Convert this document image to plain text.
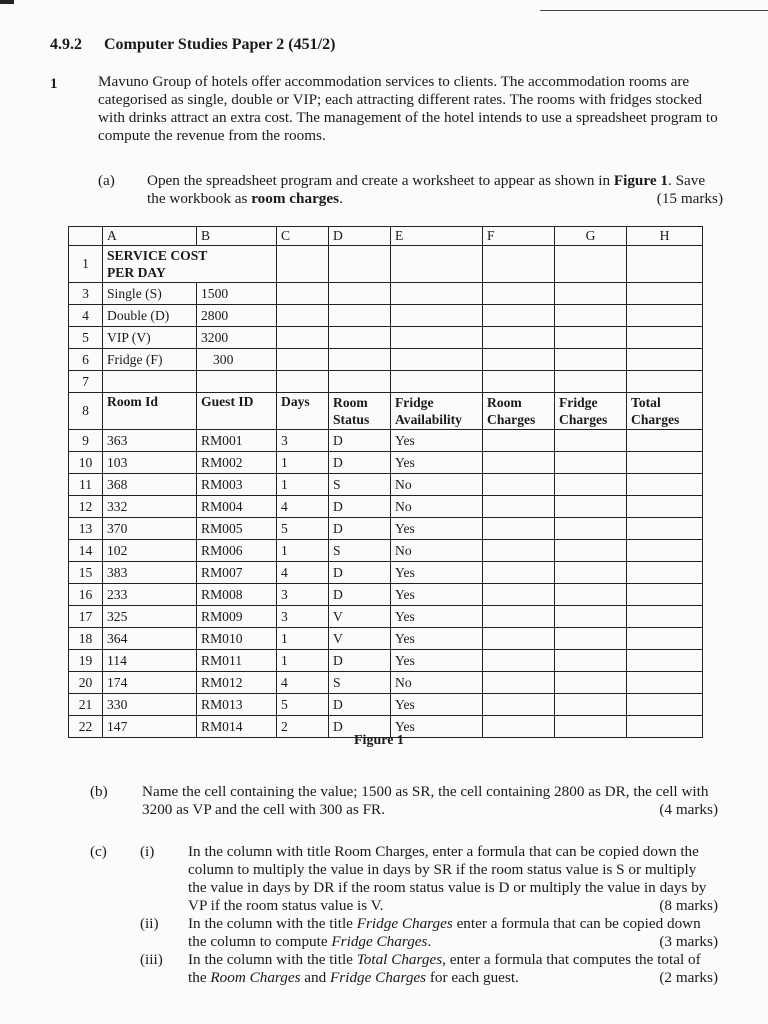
4.9.2 Computer Studies Paper 2 (451/2)
1	Mavuno Group of hotels offer accommodation services to clients. The accommodation rooms are categorised as single, double or VIP; each attracting different rates. The rooms with fridges stocked with drinks attract an extra cost. The management of the hotel intends to use a spreadsheet program to compute the revenue from the rooms.
(a) Open the spreadsheet program and create a worksheet to appear as shown in Figure 1. Save the workbook as room charges.	(15 marks)
	A	B	C	D	E	F	G	H
1	SERVICE COST PER DAY							
3	Single (S)	1500						
4	Double (D)	2800						
5	VIP (V)	3200						
6	Fridge (F)	300						
7								
8	Room Id	Guest ID	Days	Room Status	Fridge Availability	Room Charges	Fridge Charges	Total Charges
9	363	RM001	3	D	Yes			
10	103	RM002	1	D	Yes			
11	368	RM003	1	S	No			
12	332	RM004	4	D	No			
13	370	RM005	5	D	Yes			
14	102	RM006	1	S	No			
15	383	RM007	4	D	Yes			
16	233	RM008	3	D	Yes			
17	325	RM009	3	V	Yes			
18	364	RM010	1	V	Yes			
19	114	RM011	1	D	Yes			
20	174	RM012	4	S	No			
21	330	RM013	5	D	Yes			
22	147	RM014	2	D	Yes			
Figure 1
(b) Name the cell containing the value; 1500 as SR, the cell containing 2800 as DR, the cell with 3200 as VP and the cell with 300 as FR.	(4 marks)
(c) (i) In the column with title Room Charges, enter a formula that can be copied down the column to multiply the value in days by SR if the room status value is S or multiply the value in days by DR if the room status value is D or multiply the value in days by VP if the room status value is V.	(8 marks)
(ii) In the column with the title Fridge Charges enter a formula that can be copied down the column to compute Fridge Charges.	(3 marks)
(iii) In the column with the title Total Charges, enter a formula that computes the total of the Room Charges and Fridge Charges for each guest.	(2 marks)
